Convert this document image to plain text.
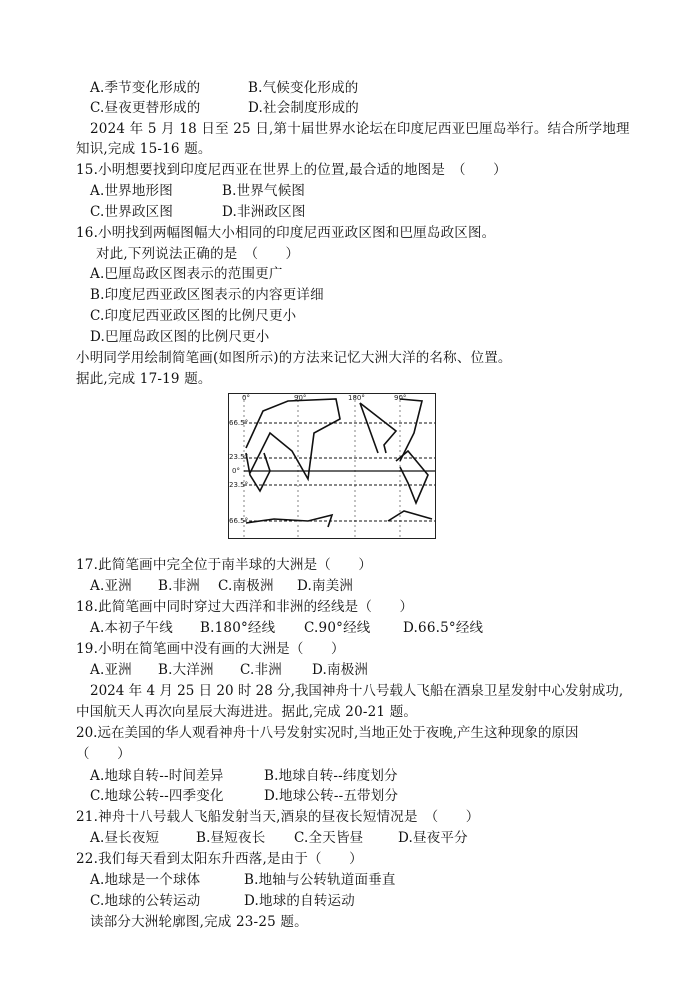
A.季节变化形成的	B.气候变化形成的
C.昼夜更替形成的	D.社会制度形成的
2024 年 5 月 18 日至 25 日,第十届世界水论坛在印度尼西亚巴厘岛举行。结合所学地理
知识,完成 15-16 题。
15.小明想要找到印度尼西亚在世界上的位置,最合适的地图是　（　　）
A.世界地形图	B.世界气候图
C.世界政区图	D.非洲政区图
16.小明找到两幅图幅大小相同的印度尼西亚政区图和巴厘岛政区图。
对此,下列说法正确的是　（　　）
A.巴厘岛政区图表示的范围更广
B.印度尼西亚政区图表示的内容更详细
C.印度尼西亚政区图的比例尺更小
D.巴厘岛政区图的比例尺更小
小明同学用绘制简笔画(如图所示)的方法来记忆大洲大洋的名称、位置。
据此,完成 17-19 题。
0°	90°	180°	90°
66.5°
23.5°
0°
23.5°
66.5°
17.此简笔画中完全位于南半球的大洲是（　　）
A.亚洲 B.非洲 C.南极洲 D.南美洲
18.此简笔画中同时穿过大西洋和非洲的经线是（　　）
A.本初子午线 B.180°经线 C.90°经线 D.66.5°经线
19.小明在简笔画中没有画的大洲是（　　）
A.亚洲 B.大洋洲 C.非洲 D.南极洲
2024 年 4 月 25 日 20 时 28 分,我国神舟十八号载人飞船在酒泉卫星发射中心发射成功,
中国航天人再次向星辰大海进进。据此,完成 20-21 题。
20.远在美国的华人观看神舟十八号发射实况时,当地正处于夜晚,产生这种现象的原因
（　　）
A.地球自转--时间差异	B.地球自转--纬度划分
C.地球公转--四季变化	D.地球公转--五带划分
21.神舟十八号载人飞船发射当天,酒泉的昼夜长短情况是　（　　）
A.昼长夜短	B.昼短夜长 C.全天皆昼	D.昼夜平分
22.我们每天看到太阳东升西落,是由于（　　）
A.地球是一个球体	B.地轴与公转轨道面垂直
C.地球的公转运动	D.地球的自转运动
读部分大洲轮廓图,完成 23-25 题。
